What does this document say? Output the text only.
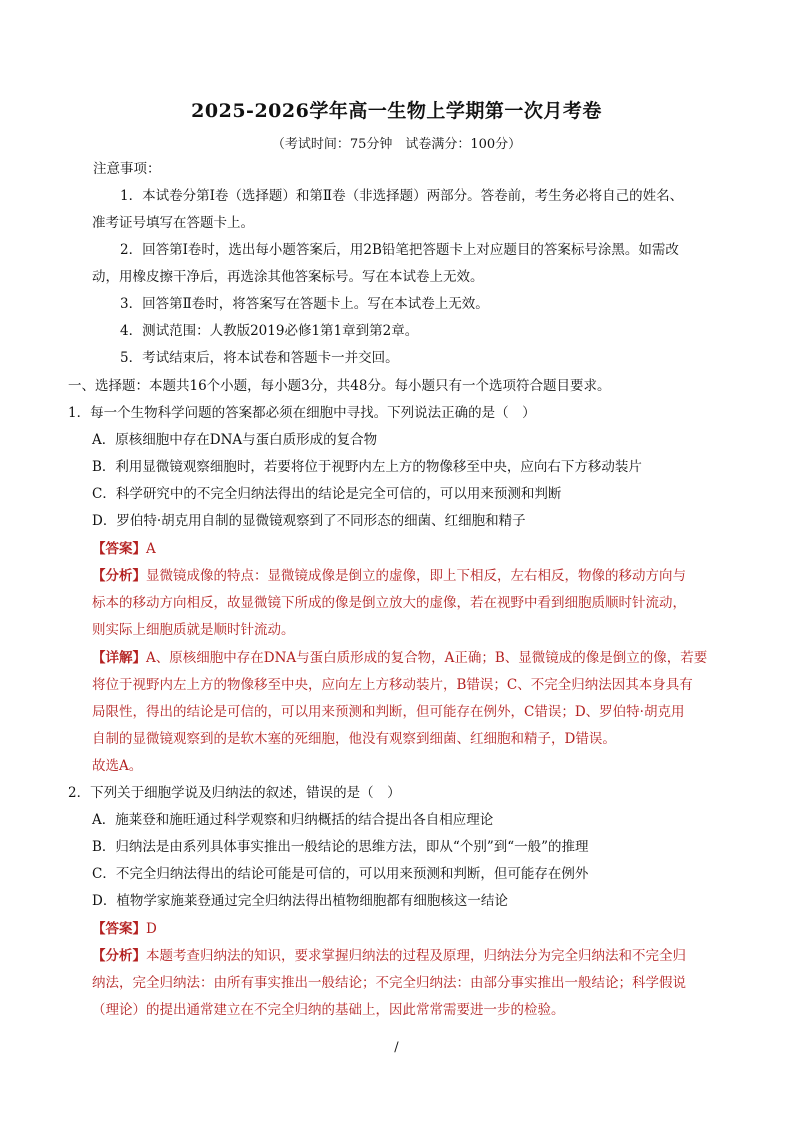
2025-2026学年高一生物上学期第一次月考卷
（考试时间：75分钟　试卷满分：100分）
注意事项：
1．本试卷分第Ⅰ卷（选择题）和第Ⅱ卷（非选择题）两部分。答卷前，考生务必将自己的姓名、
准考证号填写在答题卡上。
2．回答第Ⅰ卷时，选出每小题答案后，用2B铅笔把答题卡上对应题目的答案标号涂黑。如需改
动，用橡皮擦干净后，再选涂其他答案标号。写在本试卷上无效。
3．回答第Ⅱ卷时，将答案写在答题卡上。写在本试卷上无效。
4．测试范围：人教版2019必修1第1章到第2章。
5．考试结束后，将本试卷和答题卡一并交回。
一、选择题：本题共16个小题，每小题3分，共48分。每小题只有一个选项符合题目要求。
1．每一个生物科学问题的答案都必须在细胞中寻找。下列说法正确的是（　）
A．原核细胞中存在DNA与蛋白质形成的复合物
B．利用显微镜观察细胞时，若要将位于视野内左上方的物像移至中央，应向右下方移动装片
C．科学研究中的不完全归纳法得出的结论是完全可信的，可以用来预测和判断
D．罗伯特·胡克用自制的显微镜观察到了不同形态的细菌、红细胞和精子
【答案】A
【分析】显微镜成像的特点：显微镜成像是倒立的虚像，即上下相反，左右相反，物像的移动方向与
标本的移动方向相反，故显微镜下所成的像是倒立放大的虚像，若在视野中看到细胞质顺时针流动，
则实际上细胞质就是顺时针流动。
【详解】A、原核细胞中存在DNA与蛋白质形成的复合物，A正确；B、显微镜成的像是倒立的像，若要
将位于视野内左上方的物像移至中央，应向左上方移动装片，B错误；C、不完全归纳法因其本身具有
局限性，得出的结论是可信的，可以用来预测和判断，但可能存在例外，C错误；D、罗伯特·胡克用
自制的显微镜观察到的是软木塞的死细胞，他没有观察到细菌、红细胞和精子，D错误。
故选A。
2．下列关于细胞学说及归纳法的叙述，错误的是（　）
A．施莱登和施旺通过科学观察和归纳概括的结合提出各自相应理论
B．归纳法是由系列具体事实推出一般结论的思维方法，即从“个别”到“一般”的推理
C．不完全归纳法得出的结论可能是可信的，可以用来预测和判断，但可能存在例外
D．植物学家施莱登通过完全归纳法得出植物细胞都有细胞核这一结论
【答案】D
【分析】本题考查归纳法的知识，要求掌握归纳法的过程及原理，归纳法分为完全归纳法和不完全归
纳法，完全归纳法：由所有事实推出一般结论；不完全归纳法：由部分事实推出一般结论；科学假说
（理论）的提出通常建立在不完全归纳的基础上，因此常常需要进一步的检验。
/
